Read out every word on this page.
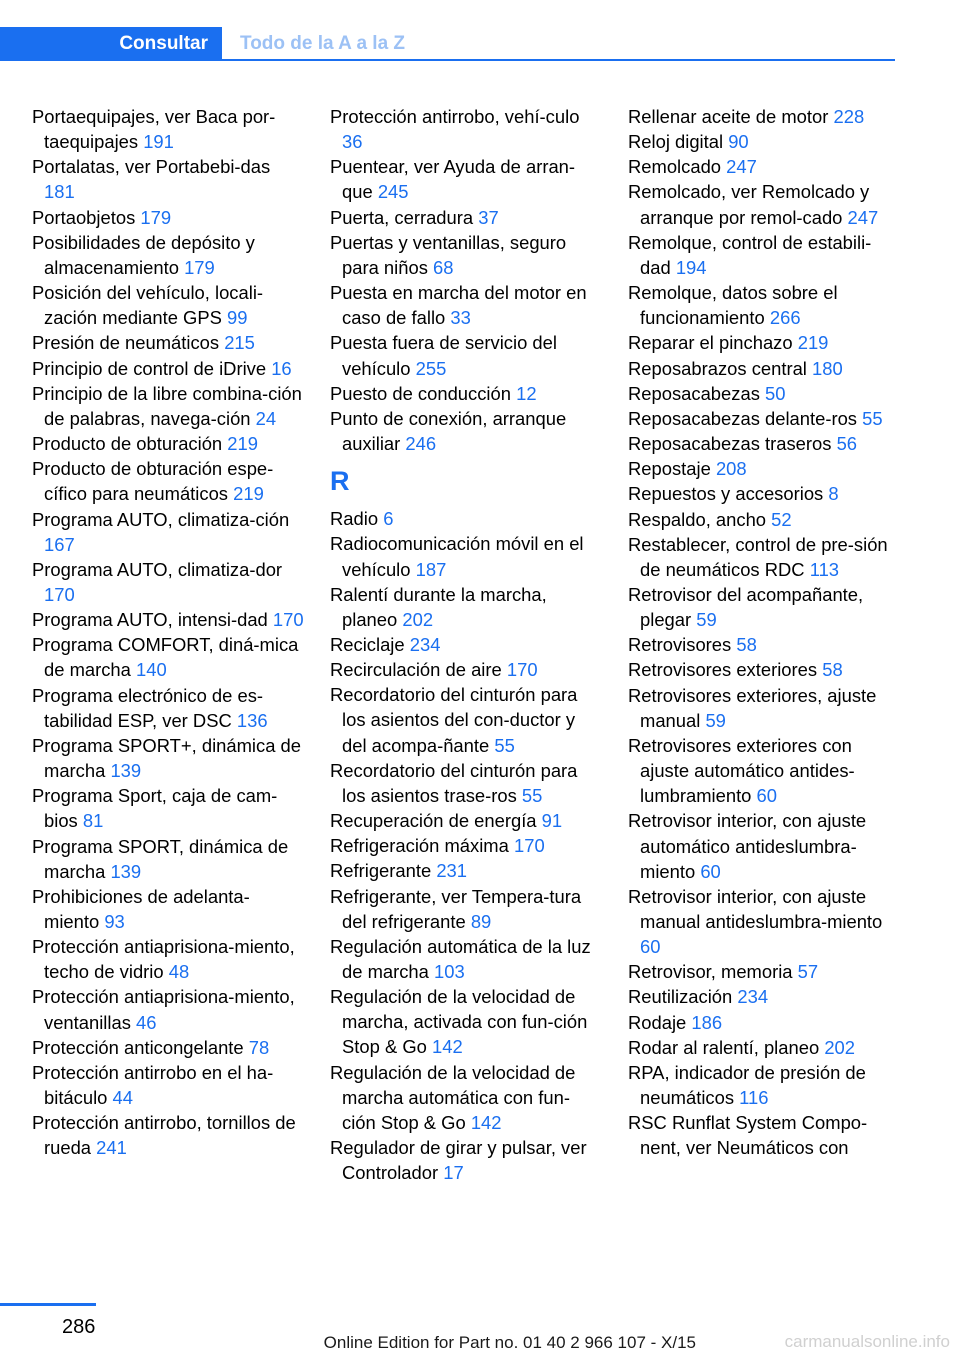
Consultar	Todo de la A a la Z
Portaequipajes, ver Baca por‐taequipajes 191
Portalatas, ver Portabebi‐das 181
Portaobjetos 179
Posibilidades de depósito y almacenamiento 179
Posición del vehículo, locali‐zación mediante GPS 99
Presión de neumáticos 215
Principio de control de iDrive 16
Principio de la libre combina‐ción de palabras, navega‐ción 24
Producto de obturación 219
Producto de obturación espe‐cífico para neumáticos 219
Programa AUTO, climatiza‐ción 167
Programa AUTO, climatiza‐dor 170
Programa AUTO, intensi‐dad 170
Programa COMFORT, diná‐mica de marcha 140
Programa electrónico de es‐tabilidad ESP, ver DSC 136
Programa SPORT+, dinámica de marcha 139
Programa Sport, caja de cam‐bios 81
Programa SPORT, dinámica de marcha 139
Prohibiciones de adelanta‐miento 93
Protección antiaprisiona‐miento, techo de vidrio 48
Protección antiaprisiona‐miento, ventanillas 46
Protección anticongelante 78
Protección antirrobo en el ha‐bitáculo 44
Protección antirrobo, tornillos de rueda 241
Protección antirrobo, vehí‐culo 36
Puentear, ver Ayuda de arran‐que 245
Puerta, cerradura 37
Puertas y ventanillas, seguro para niños 68
Puesta en marcha del motor en caso de fallo 33
Puesta fuera de servicio del vehículo 255
Puesto de conducción 12
Punto de conexión, arranque auxiliar 246
R
Radio 6
Radiocomunicación móvil en el vehículo 187
Ralentí durante la marcha, planeo 202
Reciclaje 234
Recirculación de aire 170
Recordatorio del cinturón para los asientos del con‐ductor y del acompa‐ñante 55
Recordatorio del cinturón para los asientos trase‐ros 55
Recuperación de energía 91
Refrigeración máxima 170
Refrigerante 231
Refrigerante, ver Tempera‐tura del refrigerante 89
Regulación automática de la luz de marcha 103
Regulación de la velocidad de marcha, activada con fun‐ción Stop & Go 142
Regulación de la velocidad de marcha automática con fun‐ción Stop & Go 142
Regulador de girar y pulsar, ver Controlador 17
Rellenar aceite de motor 228
Reloj digital 90
Remolcado 247
Remolcado, ver Remolcado y arranque por remol‐cado 247
Remolque, control de estabili‐dad 194
Remolque, datos sobre el funcionamiento 266
Reparar el pinchazo 219
Reposabrazos central 180
Reposacabezas 50
Reposacabezas delante‐ros 55
Reposacabezas traseros 56
Repostaje 208
Repuestos y accesorios 8
Respaldo, ancho 52
Restablecer, control de pre‐sión de neumáticos RDC 113
Retrovisor del acompañante, plegar 59
Retrovisores 58
Retrovisores exteriores 58
Retrovisores exteriores, ajuste manual 59
Retrovisores exteriores con ajuste automático antides‐lumbramiento 60
Retrovisor interior, con ajuste automático antideslumbra‐miento 60
Retrovisor interior, con ajuste manual antideslumbra‐miento 60
Retrovisor, memoria 57
Reutilización 234
Rodaje 186
Rodar al ralentí, planeo 202
RPA, indicador de presión de neumáticos 116
RSC Runflat System Compo‐nent, ver Neumáticos con
286
Online Edition for Part no. 01 40 2 966 107 - X/15	carmanualsonline.info
